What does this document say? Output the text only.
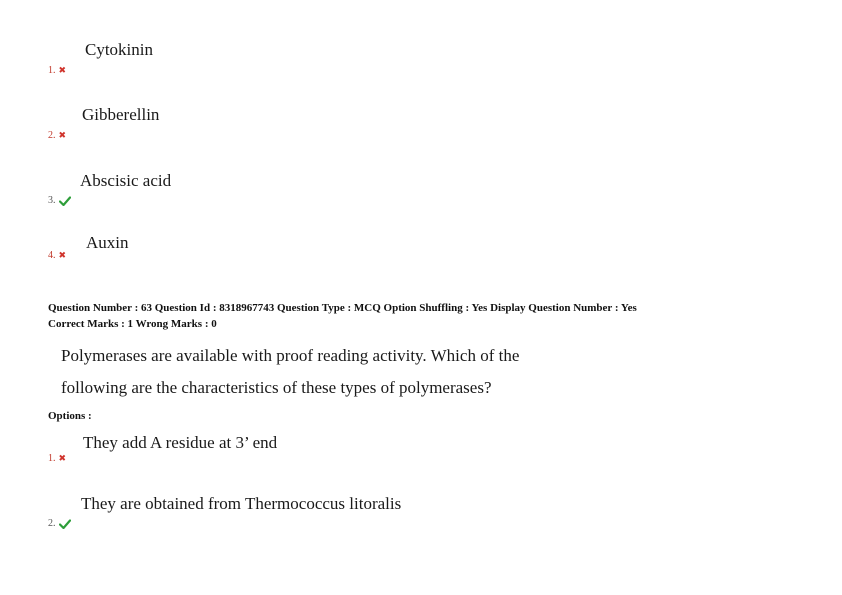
Cytokinin
1. ✖
Gibberellin
2. ✖
Abscisic acid
3.
Auxin
4. ✖
Question Number : 63 Question Id : 8318967743 Question Type : MCQ Option Shuffling : Yes Display Question Number : Yes
Correct Marks : 1 Wrong Marks : 0
Polymerases are available with proof reading activity. Which of the
following are the characteristics of these types of polymerases?
Options :
They add A residue at 3’ end
1. ✖
They are obtained from Thermococcus litoralis
2.
